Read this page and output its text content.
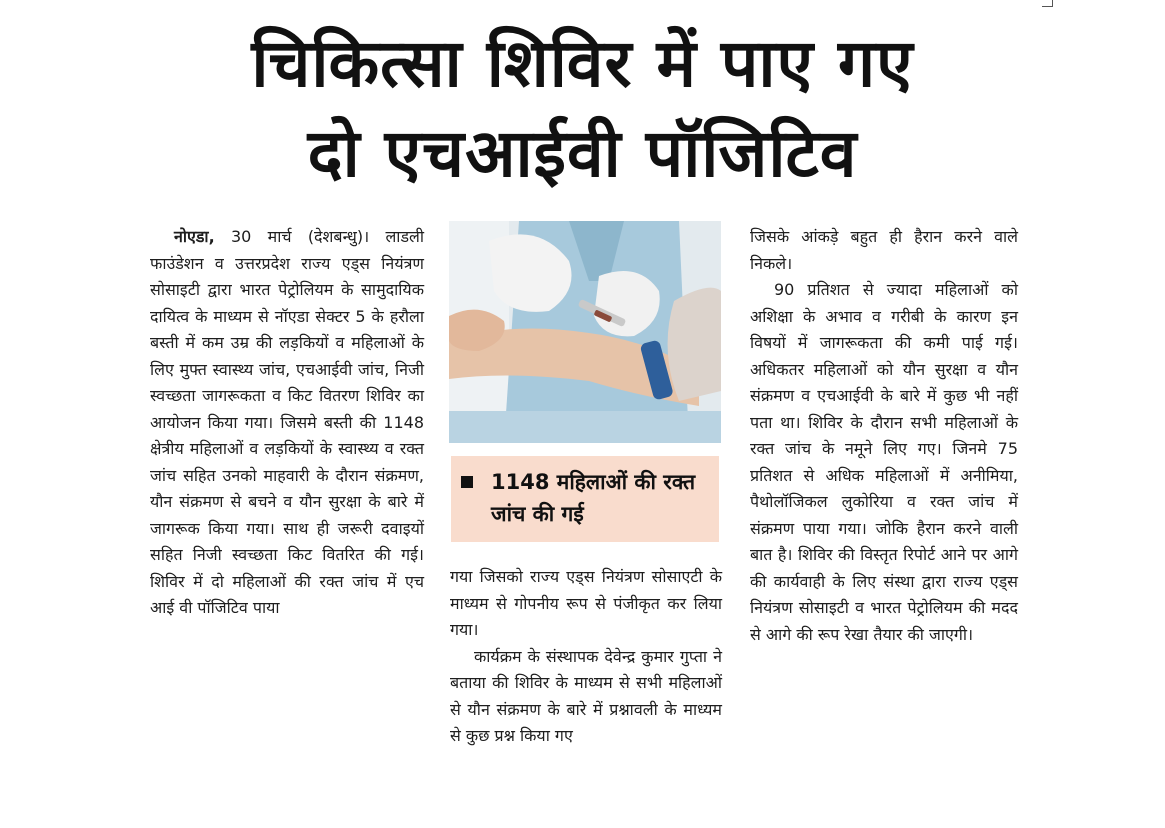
चिकित्सा शिविर में पाए गए
दो एचआईवी पॉजिटिव

नोएडा, 30 मार्च (देशबन्धु)। लाडली फाउंडेशन व उत्तरप्रदेश राज्य एड्स नियंत्रण सोसाइटी द्वारा भारत पेट्रोलियम के सामुदायिक दायित्व के माध्यम से नॉएडा सेक्टर 5 के हरौला बस्ती में कम उम्र की लड़कियों व महिलाओं के लिए मुफ्त स्वास्थ्य जांच, एचआईवी जांच, निजी स्वच्छता जागरूकता व किट वितरण शिविर का आयोजन किया गया। जिसमे बस्ती की 1148 क्षेत्रीय महिलाओं व लड़कियों के स्वास्थ्य व रक्त जांच सहित उनको माहवारी के दौरान संक्रमण, यौन संक्रमण से बचने व यौन सुरक्षा के बारे में जागरूक किया गया। साथ ही जरूरी दवाइयों सहित निजी स्वच्छता किट वितरित की गई। शिविर में दो महिलाओं की रक्त जांच में एच आई वी पॉजिटिव पाया

1148 महिलाओं की रक्त जांच की गई

गया जिसको राज्य एड्स नियंत्रण सोसाएटी के माध्यम से गोपनीय रूप से पंजीकृत कर लिया गया।

कार्यक्रम के संस्थापक देवेन्द्र कुमार गुप्ता ने बताया की शिविर के माध्यम से सभी महिलाओं से यौन संक्रमण के बारे में प्रश्नावली के माध्यम से कुछ प्रश्न किया गए

जिसके आंकड़े बहुत ही हैरान करने वाले निकले।

90 प्रतिशत से ज्यादा महिलाओं को अशिक्षा के अभाव व गरीबी के कारण इन विषयों में जागरूकता की कमी पाई गई। अधिकतर महिलाओं को यौन सुरक्षा व यौन संक्रमण व एचआईवी के बारे में कुछ भी नहीं पता था। शिविर के दौरान सभी महिलाओं के रक्त जांच के नमूने लिए गए। जिनमे 75 प्रतिशत से अधिक महिलाओं में अनीमिया, पैथोलॉजिकल लुकोरिया व रक्त जांच में संक्रमण पाया गया। जोकि हैरान करने वाली बात है। शिविर की विस्तृत रिपोर्ट आने पर आगे की कार्यवाही के लिए संस्था द्वारा राज्य एड्स नियंत्रण सोसाइटी व भारत पेट्रोलियम की मदद से आगे की रूप रेखा तैयार की जाएगी।
